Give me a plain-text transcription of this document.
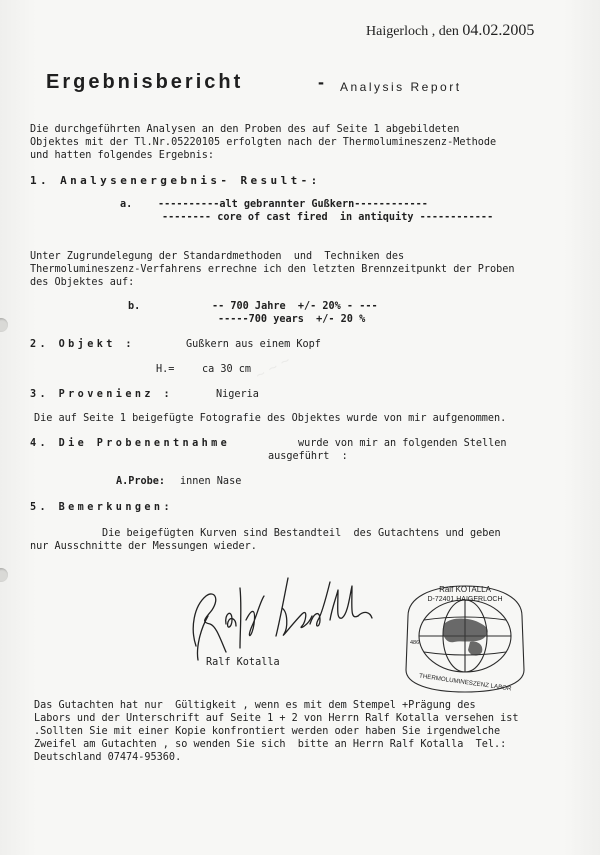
Haigerloch , den 04.02.2005
Ergebnisbericht	- Analysis Report
Die durchgeführten Analysen an den Proben des auf Seite 1 abgebildeten
Objektes mit der Tl.Nr.05220105 erfolgten nach der Thermolumineszenz-Methode
und hatten folgendes Ergebnis:
1. Analysenergebnis- Result-:
a.	----------alt gebrannter Gußkern------------
-------- core of cast fired  in antiquity ------------
Unter Zugrundelegung der Standardmethoden  und  Techniken des
Thermolumineszenz-Verfahrens errechne ich den letzten Brennzeitpunkt der Proben
des Objektes auf:
b.	-- 700 Jahre  +/- 20% - ---
-----700 years  +/- 20 %
2. Objekt :	Gußkern aus einem Kopf
H.=	ca 30 cm
3. Provenienz :	Nigeria
Die auf Seite 1 beigefügte Fotografie des Objektes wurde von mir aufgenommen.
4. Die Probenentnahme	wurde von mir an folgenden Stellen
ausgeführt  :
A.Probe: innen Nase
5. Bemerkungen:
Die beigefügten Kurven sind Bestandteil  des Gutachtens und geben
nur Ausschnitte der Messungen wieder.
~ ~ ~
Ralf Kotalla
Ralf KOTALLA
D-72401 HAIGERLOCH
486
THERMOLUMINESZENZ LABOR
Das Gutachten hat nur  Gültigkeit , wenn es mit dem Stempel +Prägung des
Labors und der Unterschrift auf Seite 1 + 2 von Herrn Ralf Kotalla versehen ist
.Sollten Sie mit einer Kopie konfrontiert werden oder haben Sie irgendwelche
Zweifel am Gutachten , so wenden Sie sich  bitte an Herrn Ralf Kotalla  Tel.:
Deutschland 07474-95360.
